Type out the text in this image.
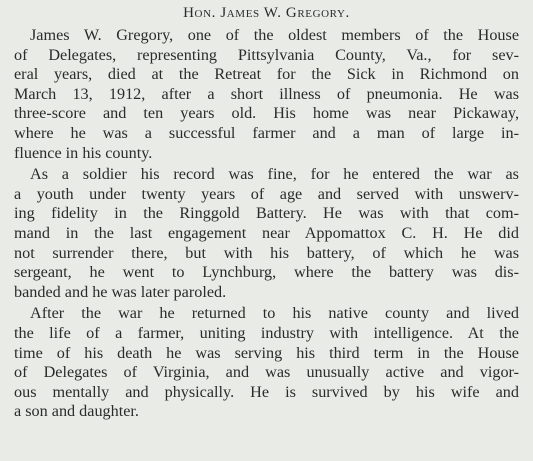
Hon. James W. Gregory.
James W. Gregory, one of the oldest members of the House
of Delegates, representing Pittsylvania County, Va., for sev-
eral years, died at the Retreat for the Sick in Richmond on
March 13, 1912, after a short illness of pneumonia. He was
three-score and ten years old. His home was near Pickaway,
where he was a successful farmer and a man of large in-
fluence in his county.
As a soldier his record was fine, for he entered the war as
a youth under twenty years of age and served with unswerv-
ing fidelity in the Ringgold Battery. He was with that com-
mand in the last engagement near Appomattox C. H. He did
not surrender there, but with his battery, of which he was
sergeant, he went to Lynchburg, where the battery was dis-
banded and he was later paroled.
After the war he returned to his native county and lived
the life of a farmer, uniting industry with intelligence. At the
time of his death he was serving his third term in the House
of Delegates of Virginia, and was unusually active and vigor-
ous mentally and physically. He is survived by his wife and
a son and daughter.
